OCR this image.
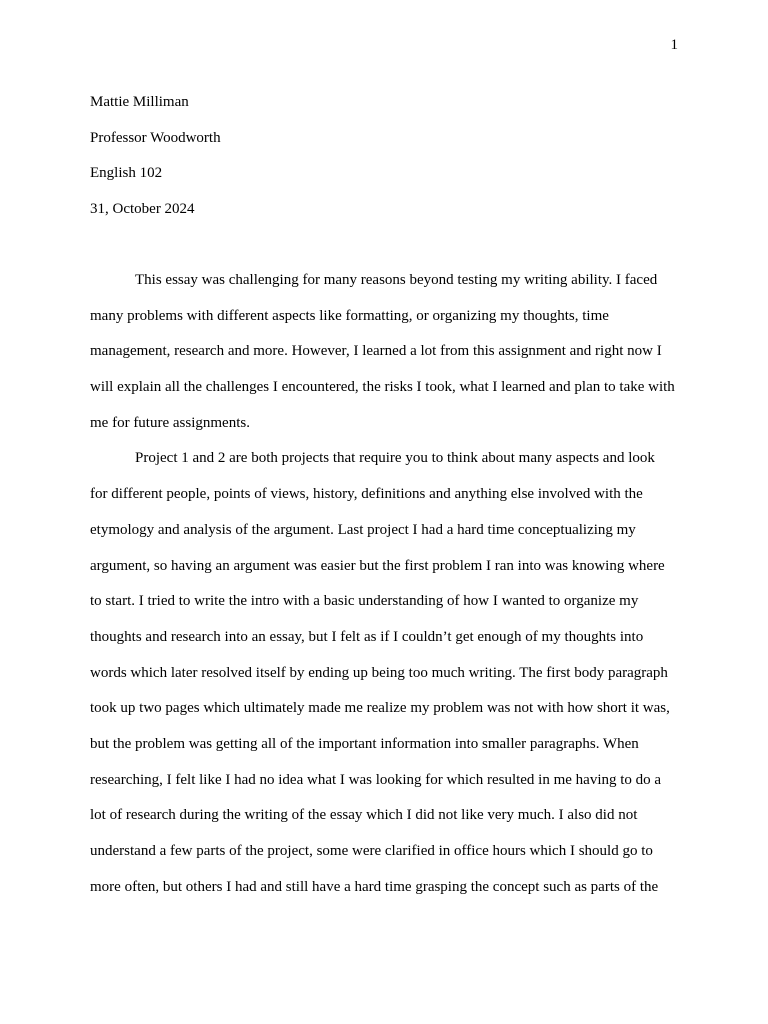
1
Mattie Milliman
Professor Woodworth
English 102
31, October 2024
This essay was challenging for many reasons beyond testing my writing ability. I faced
many problems with different aspects like formatting, or organizing my thoughts, time
management, research and more. However, I learned a lot from this assignment and right now I
will explain all the challenges I encountered, the risks I took, what I learned and plan to take with
me for future assignments.
Project 1 and 2 are both projects that require you to think about many aspects and look
for different people, points of views, history, definitions and anything else involved with the
etymology and analysis of the argument. Last project I had a hard time conceptualizing my
argument, so having an argument was easier but the first problem I ran into was knowing where
to start. I tried to write the intro with a basic understanding of how I wanted to organize my
thoughts and research into an essay, but I felt as if I couldn’t get enough of my thoughts into
words which later resolved itself by ending up being too much writing. The first body paragraph
took up two pages which ultimately made me realize my problem was not with how short it was,
but the problem was getting all of the important information into smaller paragraphs. When
researching, I felt like I had no idea what I was looking for which resulted in me having to do a
lot of research during the writing of the essay which I did not like very much. I also did not
understand a few parts of the project, some were clarified in office hours which I should go to
more often, but others I had and still have a hard time grasping the concept such as parts of the
